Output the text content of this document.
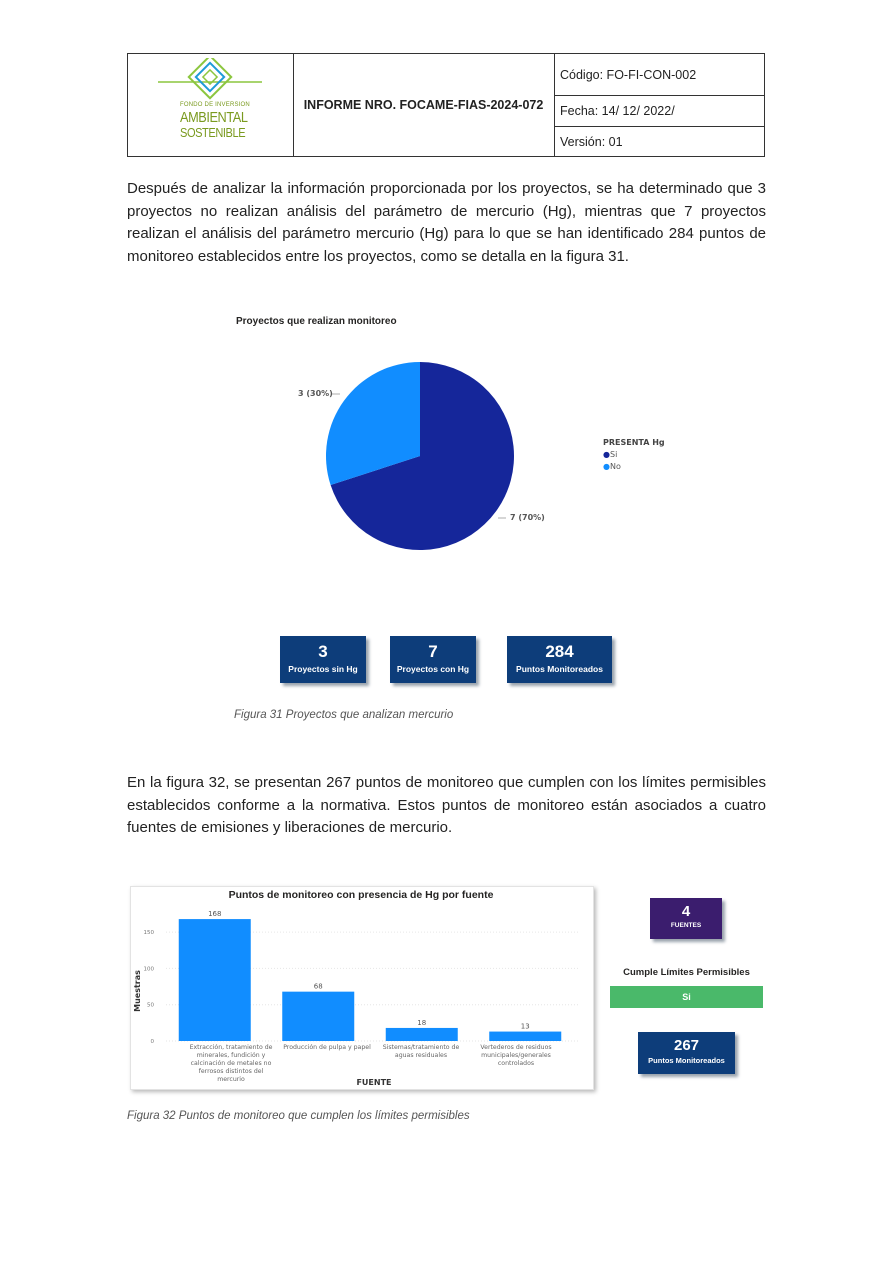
FONDO DE INVERSION
AMBIENTAL
SOSTENIBLE
INFORME NRO. FOCAME-FIAS-2024-072
Código: FO-FI-CON-002
Fecha: 14/ 12/ 2022/
Versión: 01

Después de analizar la información proporcionada por los proyectos, se ha determinado que 3 proyectos no realizan análisis del parámetro de mercurio (Hg), mientras que 7 proyectos realizan el análisis del parámetro mercurio (Hg) para lo que se han identificado 284 puntos de monitoreo establecidos entre los proyectos, como se detalla en la figura 31.

Proyectos que realizan monitoreo
3 (30%)
7 (70%)
PRESENTA Hg
●Si
●No
3
Proyectos sin Hg
7
Proyectos con Hg
284
Puntos Monitoreados
Figura 31 Proyectos que analizan mercurio

En la figura 32, se presentan 267 puntos de monitoreo que cumplen con los límites permisibles establecidos conforme a la normativa. Estos puntos de monitoreo están asociados a cuatro fuentes de emisiones y liberaciones de mercurio.

Puntos de monitoreo con presencia de Hg por fuente
168
68
18	13
0
50
100
150
Muestras
FUENTE
Extracción, tratamiento de minerales, fundición y calcinación de metales no ferrosos distintos del mercurio
Producción de pulpa y papel	Sistemas/tratamiento de aguas residuales
Vertederos de residuos municipales/generales controlados
4
FUENTES
Cumple Límites Permisibles
Si
267
Puntos Monitoreados
Figura 32 Puntos de monitoreo que cumplen los límites permisibles
